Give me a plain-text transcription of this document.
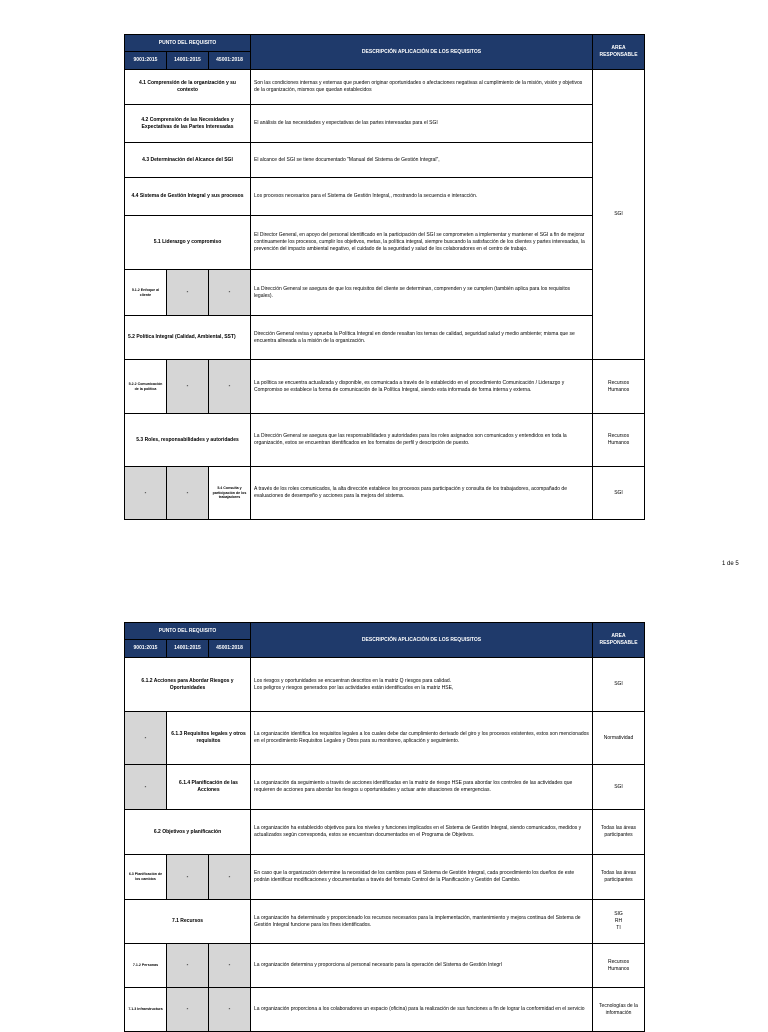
PUNTO DEL REQUISITO			DESCRIPCIÓN APLICACIÓN DE LOS REQUISITOS	AREA RESPONSABLE
9001:2015	14001:2015	45001:2018		
4.1 Comprensión de la organización y su contexto			Son las condiciones internas y externas que pueden originar oportunidades o afectaciones negativas al cumplimiento de la misión, visión y objetivos de la organización, mismos que quedan establecidos	SGI
4.2 Comprensión de las Necesidades y Expectativas de las Partes Interesadas			El análisis de las necesidades y expectativas de las partes interesadas para el SGI	
4.3 Determinación del Alcance del SGI			El alcance del SGI se tiene documentado "Manual del Sistema de Gestión Integral",	
4.4 Sistema de Gestión Integral y sus procesos			Los procesos necesarios para el Sistema de Gestión Integral,, mostrando la secuencia e interacción.	
5.1 Liderazgo y compromiso			El Director General, en apoyo del personal identificado en la participación del SGI se comprometen a implementar y mantener el SGI a fin de mejorar continuamente los procesos, cumplir los objetivos, metas, la política integral, siempre buscando la satisfacción de los clientes y partes interesadas, la prevención del impacto ambiental negativo, el cuidado de la seguridad y salud de los colaboradores en el centro de trabajo.	
5.1.2 Enfoque al cliente	-	-	La Dirección General se asegura de que los requisitos del cliente se determinan, comprenden y se cumplen (también aplica para los requisitos legales).	
5.2 Política Integral (Calidad, Ambiental, SST)			Dirección General revisa y aprueba la Política Integral en donde resaltan los temas de calidad, seguridad salud y medio ambiente; misma que se encuentra alineada a la misión de la organización.	
5.2.2 Comunicación de la política	-	-	La política se encuentra actualizada y disponible, es comunicada a través de lo establecido en el procedimiento Comunicación / Liderazgo y Compromiso se establece la forma de comunicación de la Política Integral, siendo esta informada de forma interna y externa.	Recursos
Humanos

5.3 Roles, responsabilidades y autoridades			La Dirección General se asegura que las responsabilidades y autoridades para los roles asignados son comunicados y entendidos en toda la organización, estos se encuentran identificados en los formatos de perfil y descripción de puesto.	Recursos
Humanos

-	-	5.4 Consulta y participación de los trabajadores	A través de los roles comunicados, la alta dirección establece los procesos para participación y consulta de los trabajadores, acompañado de evaluaciones de desempeño y acciones para la mejora del sistema.	SGI
1 de 5
PUNTO DEL REQUISITO			DESCRIPCIÓN APLICACIÓN DE LOS REQUISITOS	AREA RESPONSABLE
9001:2015	14001:2015	45001:2018		
6.1.2 Acciones para Abordar Riesgos y Oportunidades			Los riesgos y oportunidades se encuentran descritos en la matriz Q riesgos para calidad.
Los peligros y riesgos generados por las actividades están identificados en la matriz HSE,	SGI

-	6.1.3 Requisitos legales y otros requisitos		La organización identifica los requisitos legales a los cuales debe dar cumplimiento derivado del giro y los procesos existentes, estos son mencionados en el procedimiento Requisitos Legales y Otros para su monitoreo, aplicación y seguimiento.	Normatividad

-	6.1.4 Planificación de las Acciones		La organización da seguimiento a través de acciones identificadas en la matriz de riesgo HSE para abordar los controles de las actividades que requieren de acciones para abordar los riesgos u oportunidades y actuar ante situaciones de emergencias.	SGI

6.2 Objetivos y planificación			La organización ha establecido objetivos para los niveles y funciones implicados en el Sistema de Gestión Integral, siendo comunicados, medidos y actualizados según corresponda, estos se encuentran documentados en el Programa de Objetivos.	Todas las áreas
participantes

6.3 Planificación de los cambios	-	-	En caso que la organización determine la necesidad de los cambios para el Sistema de Gestión Integral, cada procedimiento los dueños de este podrán identificar modificaciones y documentarlas a través del formato Control de la Planificación y Gestión del Cambio.	Todas las áreas
participantes

7.1 Recursos			La organización ha determinado y proporcionado los recursos necesarios para la implementación, mantenimiento y mejora continua del Sistema de Gestión Integral funcione para los fines identificados.	SIG
RH
TI

7.1.2 Personas	-	-	La organización determina y proporciona al personal necesario para la operación del Sistema de Gestión Integrl	Recursos
Humanos

7.1.3 Infraestructura	-	-	La organización proporciona a los colaboradores un espacio (oficina) para la realización de sus funciones a fin de lograr la conformidad en el servicio	Tecnologías de la
información
